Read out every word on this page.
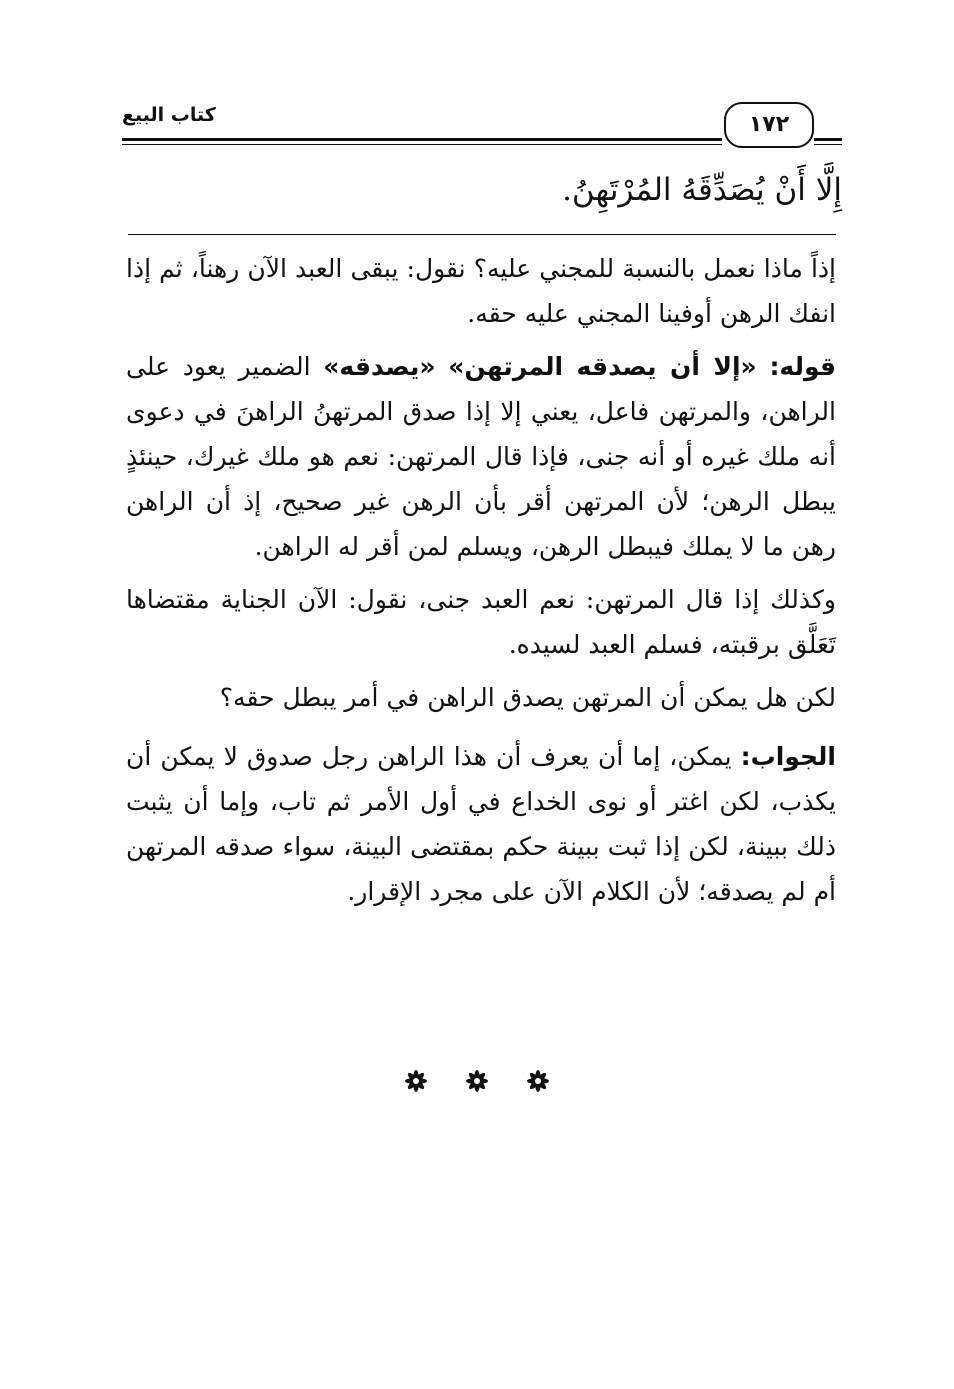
كتاب البيع	١٧٢
إِلَّا أَنْ يُصَدِّقَهُ المُرْتَهِنُ.

إذاً ماذا نعمل بالنسبة للمجني عليه؟ نقول: يبقى العبد الآن رهناً، ثم إذا انفك الرهن أوفينا المجني عليه حقه.

قوله: «إلا أن يصدقه المرتهن» «يصدقه» الضمير يعود على الراهن، والمرتهن فاعل، يعني إلا إذا صدق المرتهنُ الراهنَ في دعوى أنه ملك غيره أو أنه جنى، فإذا قال المرتهن: نعم هو ملك غيرك، حينئذٍ يبطل الرهن؛ لأن المرتهن أقر بأن الرهن غير صحيح، إذ أن الراهن رهن ما لا يملك فيبطل الرهن، ويسلم لمن أقر له الراهن.

وكذلك إذا قال المرتهن: نعم العبد جنى، نقول: الآن الجناية مقتضاها تَعَلَّق برقبته، فسلم العبد لسيده.

لكن هل يمكن أن المرتهن يصدق الراهن في أمر يبطل حقه؟

الجواب: يمكن، إما أن يعرف أن هذا الراهن رجل صدوق لا يمكن أن يكذب، لكن اغتر أو نوى الخداع في أول الأمر ثم تاب، وإما أن يثبت ذلك ببينة، لكن إذا ثبت ببينة حكم بمقتضى البينة، سواء صدقه المرتهن أم لم يصدقه؛ لأن الكلام الآن على مجرد الإقرار.
